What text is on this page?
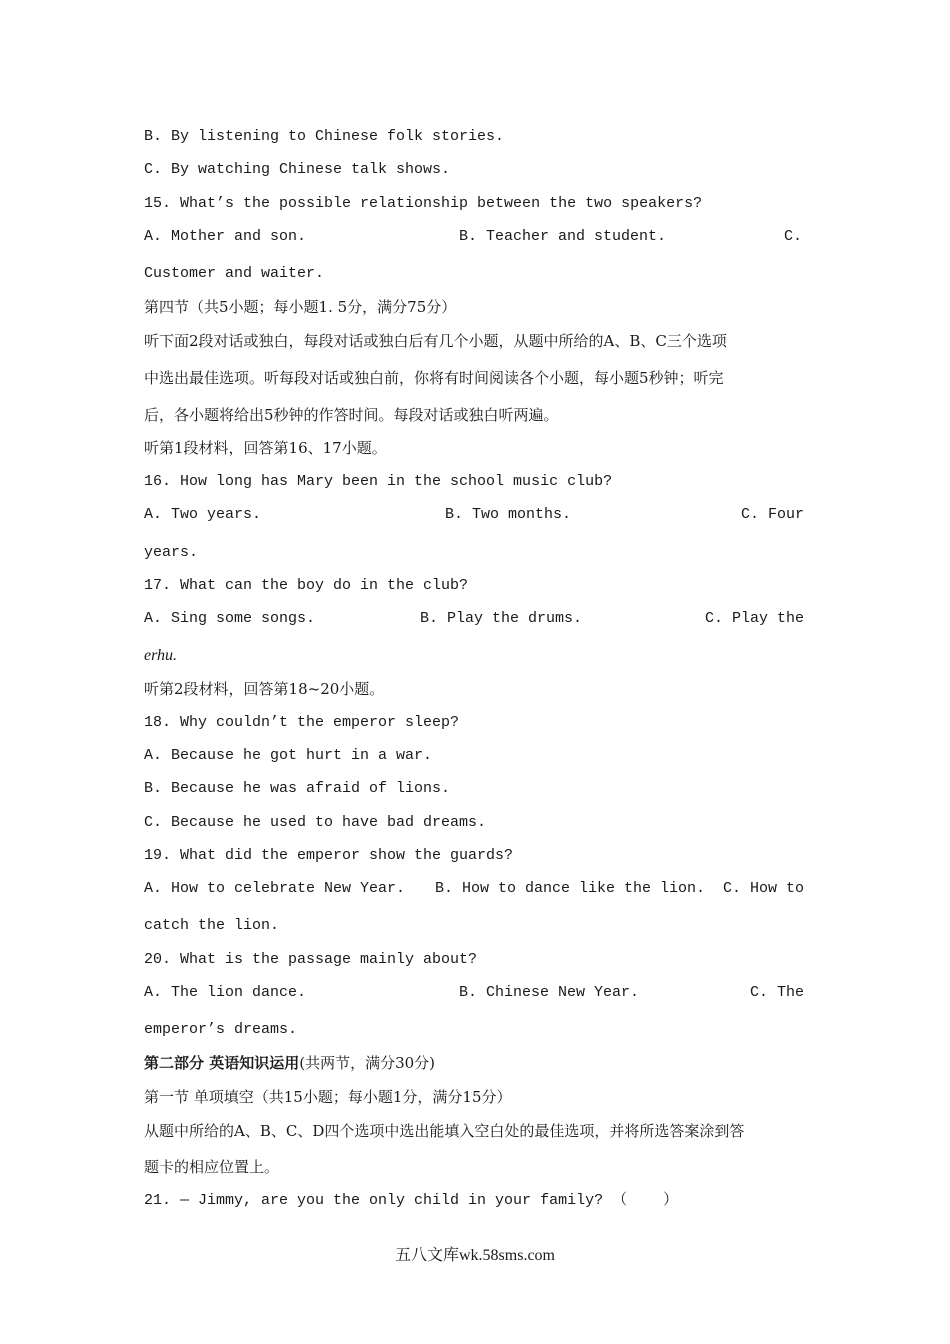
B. By listening to Chinese folk stories.
C. By watching Chinese talk shows.
15. What’s the possible relationship between the two speakers?
A. Mother and son.	B. Teacher and student.	C.
Customer and waiter.
第四节（共5小题；每小题1. 5分，满分75分）
听下面2段对话或独白，每段对话或独白后有几个小题，从题中所给的A、B、C三个选项
中选出最佳选项。听每段对话或独白前，你将有时间阅读各个小题，每小题5秒钟；听完
后，各小题将给出5秒钟的作答时间。每段对话或独白听两遍。
听第1段材料，回答第16、17小题。
16. How long has Mary been in the school music club?
A. Two years.	B. Two months.	C. Four
years.
17. What can the boy do in the club?
A. Sing some songs.	B. Play the drums.	C. Play the
erhu.
听第2段材料，回答第18~20小题。
18. Why couldn’t the emperor sleep?
A. Because he got hurt in a war.
B. Because he was afraid of lions.
C. Because he used to have bad dreams.
19. What did the emperor show the guards?
A. How to celebrate New Year. B. How to dance like the lion. C. How to
catch the lion.
20. What is the passage mainly about?
A. The lion dance.	B. Chinese New Year.	C. The
emperor’s dreams.
第二部分 英语知识运用(共两节，满分30分)
第一节 单项填空（共15小题；每小题1分，满分15分）
从题中所给的A、B、C、D四个选项中选出能填入空白处的最佳选项，并将所选答案涂到答
题卡的相应位置上。
21. — Jimmy, are you the only child in your family? （    ）
五八文库wk.58sms.com
